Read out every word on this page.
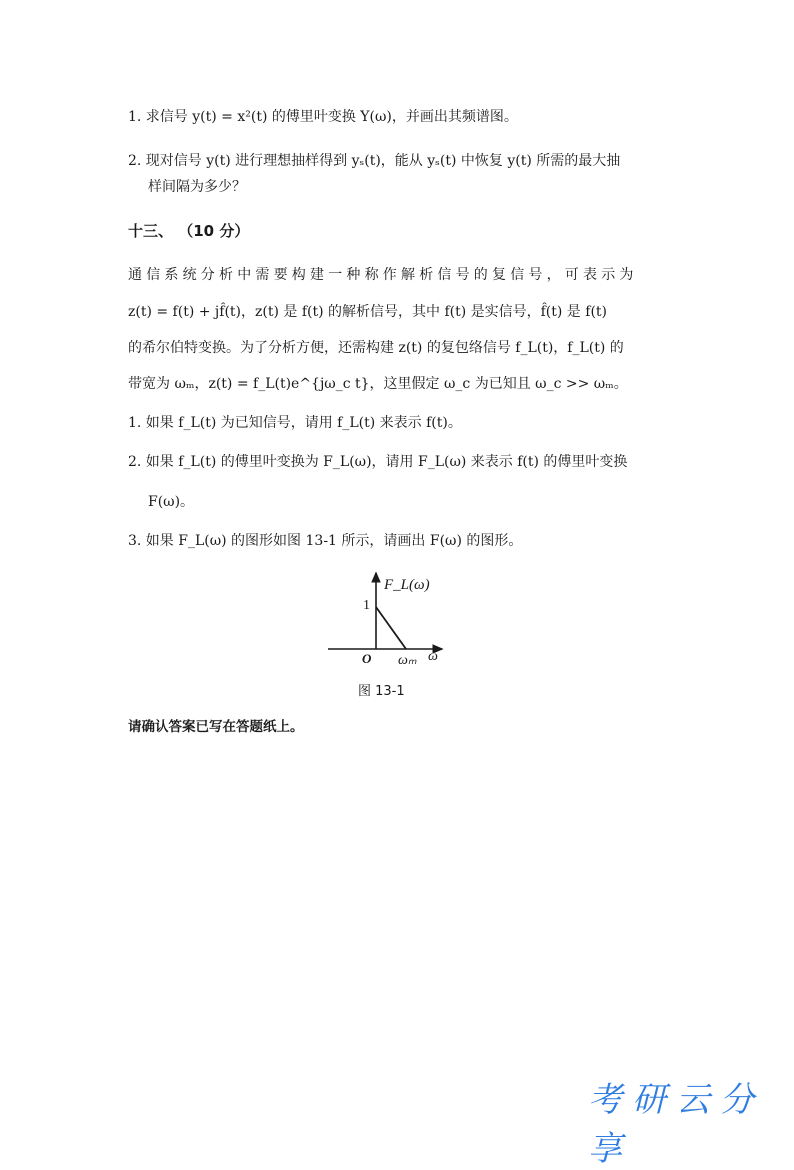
1. 求信号 y(t) = x²(t) 的傅里叶变换 Y(ω)，并画出其频谱图。
2. 现对信号 y(t) 进行理想抽样得到 yₛ(t)，能从 yₛ(t) 中恢复 y(t) 所需的最大抽
样间隔为多少？
十三、 （10 分）
通信系统分析中需要构建一种称作解析信号的复信号，可表示为
z(t) = f(t) + jf̂(t)，z(t) 是 f(t) 的解析信号，其中 f(t) 是实信号，f̂(t) 是 f(t)
的希尔伯特变换。为了分析方便，还需构建 z(t) 的复包络信号 f_L(t)，f_L(t) 的
带宽为 ωₘ，z(t) = f_L(t)e^{jω_c t}，这里假定 ω_c 为已知且 ω_c >> ωₘ。
1. 如果 f_L(t) 为已知信号，请用 f_L(t) 来表示 f(t)。
2. 如果 f_L(t) 的傅里叶变换为 F_L(ω)，请用 F_L(ω) 来表示 f(t) 的傅里叶变换
F(ω)。
3. 如果 F_L(ω) 的图形如图 13-1 所示，请画出 F(ω) 的图形。
F_L(ω)
1
O ωₘ ω
图 13-1
请确认答案已写在答题纸上。
考研云分享
